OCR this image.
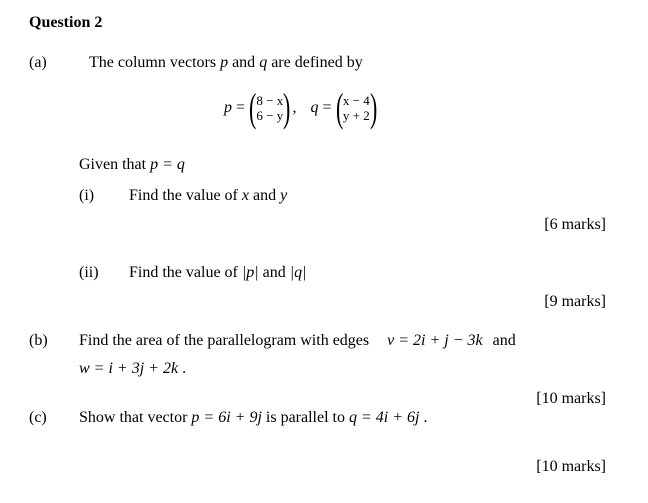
Question 2
(a)	The column vectors p and q are defined by
p = ( 8 − x
6 − y ) , q = ( x − 4
y + 2 )
Given that p = q
(i) Find the value of x and y
[6 marks]
(ii) Find the value of |p| and |q|
[9 marks]
(b) Find the area of the parallelogram with edges v = 2i + j − 3k and
w = i + 3j + 2k .
[10 marks]
(c) Show that vector p = 6i + 9j is parallel to q = 4i + 6j .
[10 marks]
